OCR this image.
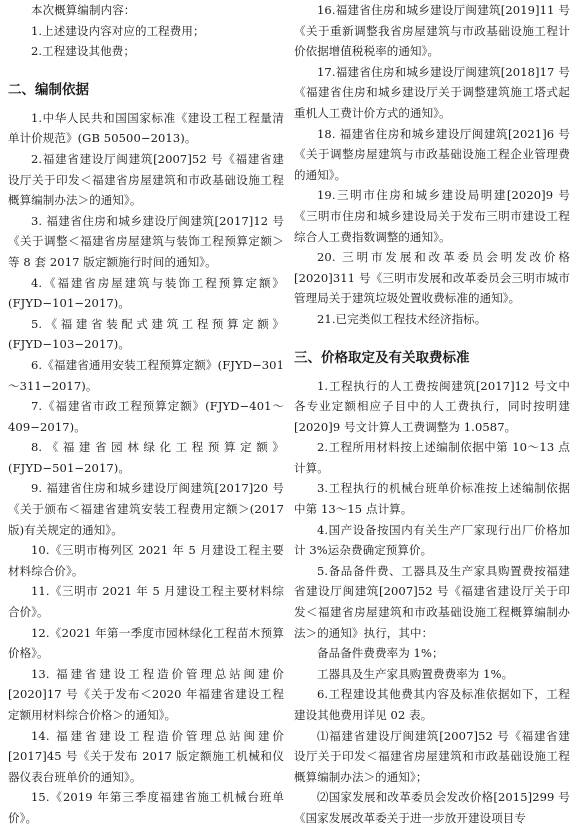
本次概算编制内容：

1.上述建设内容对应的工程费用；

2.工程建设其他费；

二、编制依据

1.中华人民共和国国家标准《建设工程工程量清单计价规范》(GB 50500−2013)。

2.福建省建设厅闽建筑[2007]52 号《福建省建设厅关于印发＜福建省房屋建筑和市政基础设施工程概算编制办法＞的通知》。

3. 福建省住房和城乡建设厅闽建筑[2017]12 号《关于调整＜福建省房屋建筑与装饰工程预算定额＞等 8 套 2017 版定额施行时间的通知》。

4.《福建省房屋建筑与装饰工程预算定额》(FJYD−101−2017)。

5.《福建省装配式建筑工程预算定额》(FJYD−103−2017)。

6.《福建省通用安装工程预算定额》(FJYD−301～311−2017)。

7.《福建省市政工程预算定额》(FJYD−401～409−2017)。

8.《福建省园林绿化工程预算定额》(FJYD−501−2017)。

9. 福建省住房和城乡建设厅闽建筑[2017]20 号《关于颁布＜福建省建筑安装工程费用定额＞(2017 版)有关规定的通知》。

10.《三明市梅列区 2021 年 5 月建设工程主要材料综合价》。

11.《三明市 2021 年 5 月建设工程主要材料综合价》。

12.《2021 年第一季度市园林绿化工程苗木预算价格》。

13. 福建省建设工程造价管理总站闽建价[2020]17 号《关于发布＜2020 年福建省建设工程定额用材料综合价格＞的通知》。

14. 福建省建设工程造价管理总站闽建价[2017]45 号《关于发布 2017 版定额施工机械和仪器仪表台班单价的通知》。

15.《2019 年第三季度福建省施工机械台班单价》。

16.福建省住房和城乡建设厅闽建筑[2019]11 号《关于重新调整我省房屋建筑与市政基础设施工程计价依据增值税税率的通知》。

17.福建省住房和城乡建设厅闽建筑[2018]17 号《福建省住房和城乡建设厅关于调整建筑施工塔式起重机人工费计价方式的通知》。

18. 福建省住房和城乡建设厅闽建筑[2021]6 号《关于调整房屋建筑与市政基础设施工程企业管理费的通知》。

19.三明市住房和城乡建设局明建[2020]9 号《三明市住房和城乡建设局关于发布三明市建设工程综合人工费指数调整的通知》。

20. 三明市发展和改革委员会明发改价格[2020]311 号《三明市发展和改革委员会三明市城市管理局关于建筑垃圾处置收费标准的通知》。

21.已完类似工程技术经济指标。

三、价格取定及有关取费标准

1.工程执行的人工费按闽建筑[2017]12 号文中各专业定额相应子目中的人工费执行，同时按明建[2020]9 号文计算人工费调整为 1.0587。

2.工程所用材料按上述编制依据中第 10～13 点计算。

3.工程执行的机械台班单价标准按上述编制依据中第 13～15 点计算。

4.国产设备按国内有关生产厂家现行出厂价格加计 3%运杂费确定预算价。

5.备品备件费、工器具及生产家具购置费按福建省建设厅闽建筑[2007]52 号《福建省建设厅关于印发＜福建省房屋建筑和市政基础设施工程概算编制办法＞的通知》执行，其中：

备品备件费费率为 1%；

工器具及生产家具购置费费率为 1%。

6.工程建设其他费其内容及标准依据如下，工程建设其他费用详见 02 表。

⑴福建省建设厅闽建筑[2007]52 号《福建省建设厅关于印发＜福建省房屋建筑和市政基础设施工程概算编制办法＞的通知》；

⑵国家发展和改革委员会发改价格[2015]299 号《国家发展改革委关于进一步放开建设项目专
